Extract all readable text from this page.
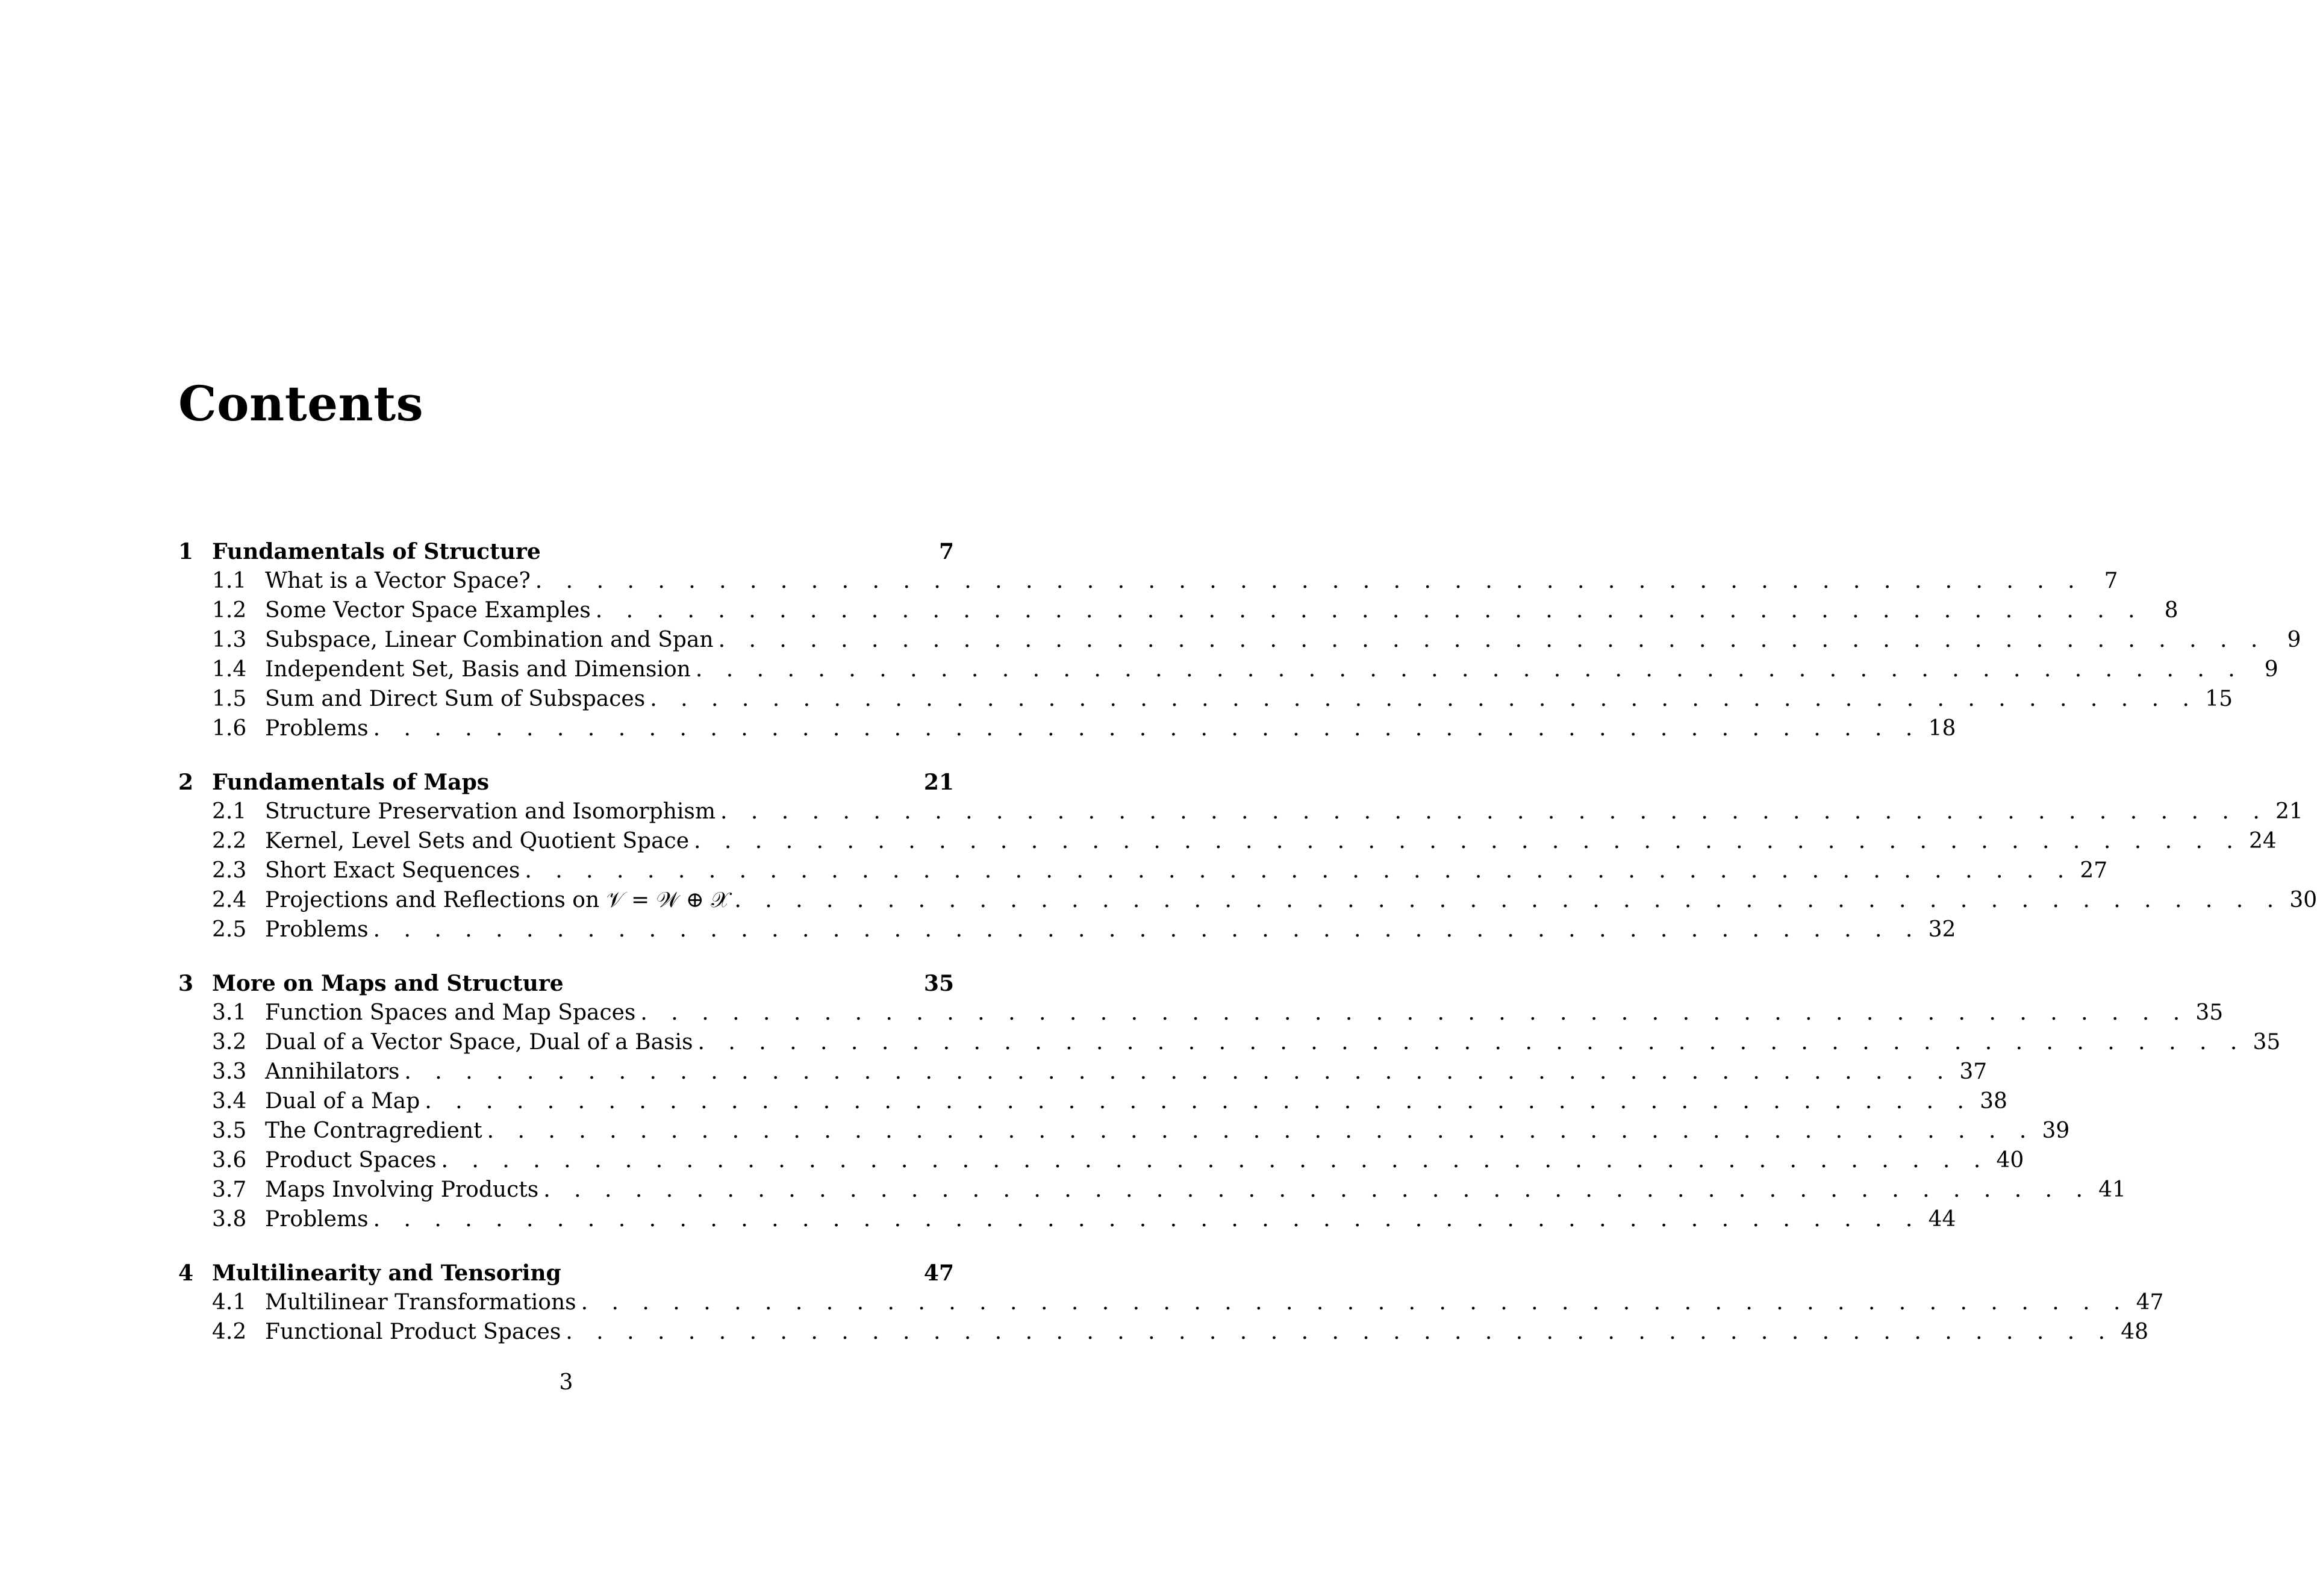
Contents
1 Fundamentals of Structure	7
1.1 What is a Vector Space? . . . . . . . . . . . . . . . . . . . . . . . . . . . . . . . . . . . . . . . . . . . . . . . . . . . 7
1.2 Some Vector Space Examples . . . . . . . . . . . . . . . . . . . . . . . . . . . . . . . . . . . . . . . . . . . . . . . . . . . 8
1.3 Subspace, Linear Combination and Span . . . . . . . . . . . . . . . . . . . . . . . . . . . . . . . . . . . . . . . . . . . . . . . . . . . 9
1.4 Independent Set, Basis and Dimension . . . . . . . . . . . . . . . . . . . . . . . . . . . . . . . . . . . . . . . . . . . . . . . . . . . 9
1.5 Sum and Direct Sum of Subspaces . . . . . . . . . . . . . . . . . . . . . . . . . . . . . . . . . . . . . . . . . . . . . . . . . . . 15
1.6 Problems . . . . . . . . . . . . . . . . . . . . . . . . . . . . . . . . . . . . . . . . . . . . . . . . . . . 18
2 Fundamentals of Maps	21
2.1 Structure Preservation and Isomorphism . . . . . . . . . . . . . . . . . . . . . . . . . . . . . . . . . . . . . . . . . . . . . . . . . . . 21
2.2 Kernel, Level Sets and Quotient Space . . . . . . . . . . . . . . . . . . . . . . . . . . . . . . . . . . . . . . . . . . . . . . . . . . . 24
2.3 Short Exact Sequences . . . . . . . . . . . . . . . . . . . . . . . . . . . . . . . . . . . . . . . . . . . . . . . . . . . 27
2.4 Projections and Reflections on 𝒱 = 𝒲 ⊕ 𝒳 . . . . . . . . . . . . . . . . . . . . . . . . . . . . . . . . . . . . . . . . . . . . . . . . . . . 30
2.5 Problems . . . . . . . . . . . . . . . . . . . . . . . . . . . . . . . . . . . . . . . . . . . . . . . . . . . 32
3 More on Maps and Structure	35
3.1 Function Spaces and Map Spaces . . . . . . . . . . . . . . . . . . . . . . . . . . . . . . . . . . . . . . . . . . . . . . . . . . . 35
3.2 Dual of a Vector Space, Dual of a Basis . . . . . . . . . . . . . . . . . . . . . . . . . . . . . . . . . . . . . . . . . . . . . . . . . . . 35
3.3 Annihilators . . . . . . . . . . . . . . . . . . . . . . . . . . . . . . . . . . . . . . . . . . . . . . . . . . . 37
3.4 Dual of a Map . . . . . . . . . . . . . . . . . . . . . . . . . . . . . . . . . . . . . . . . . . . . . . . . . . . 38
3.5 The Contragredient . . . . . . . . . . . . . . . . . . . . . . . . . . . . . . . . . . . . . . . . . . . . . . . . . . . 39
3.6 Product Spaces . . . . . . . . . . . . . . . . . . . . . . . . . . . . . . . . . . . . . . . . . . . . . . . . . . . 40
3.7 Maps Involving Products . . . . . . . . . . . . . . . . . . . . . . . . . . . . . . . . . . . . . . . . . . . . . . . . . . . 41
3.8 Problems . . . . . . . . . . . . . . . . . . . . . . . . . . . . . . . . . . . . . . . . . . . . . . . . . . . 44
4 Multilinearity and Tensoring	47
4.1 Multilinear Transformations . . . . . . . . . . . . . . . . . . . . . . . . . . . . . . . . . . . . . . . . . . . . . . . . . . . 47
4.2 Functional Product Spaces . . . . . . . . . . . . . . . . . . . . . . . . . . . . . . . . . . . . . . . . . . . . . . . . . . . 48
3
